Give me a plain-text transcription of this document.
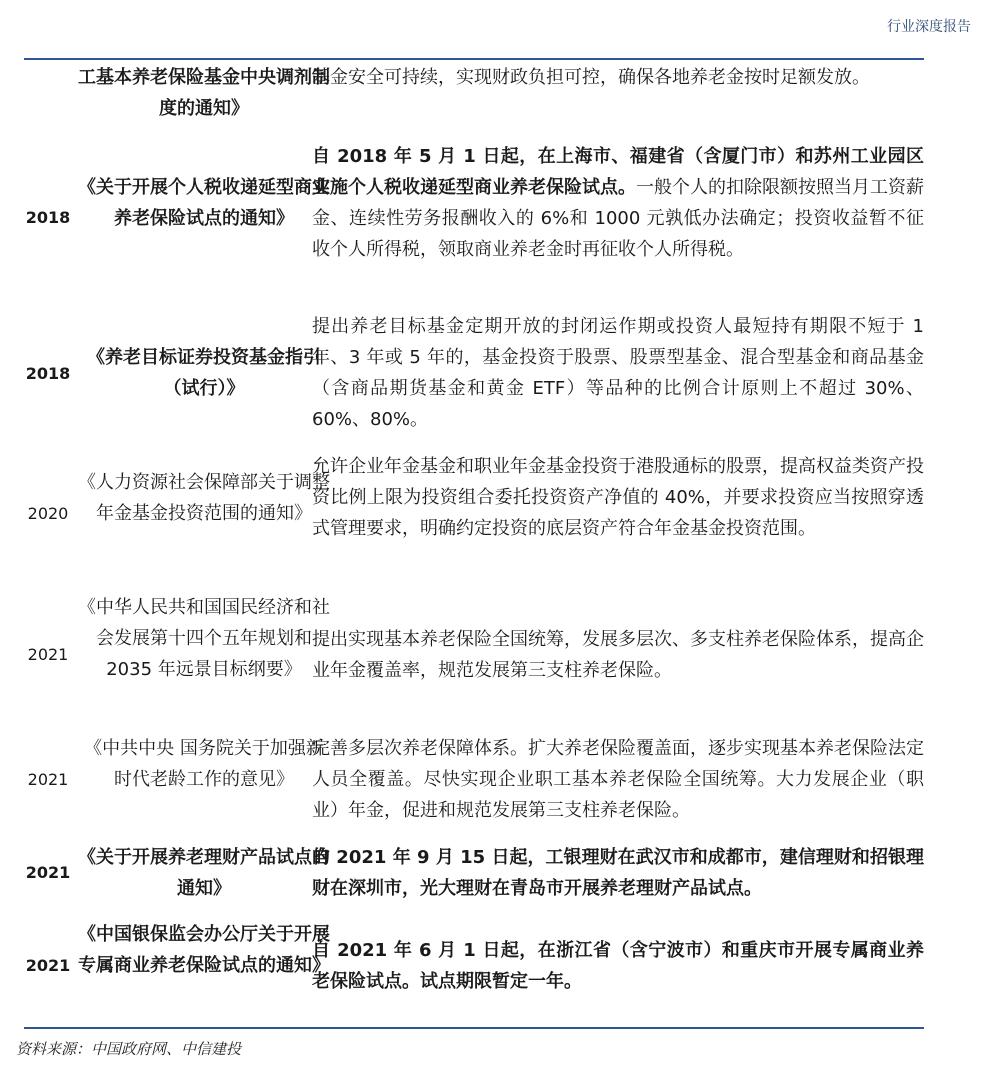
行业深度报告
工基本养老保险基金中央调剂制度的通知》
基金安全可持续，实现财政负担可控，确保各地养老金按时足额发放。
2018
《关于开展个人税收递延型商业养老保险试点的通知》
自 2018 年 5 月 1 日起，在上海市、福建省（含厦门市）和苏州工业园区实施个人税收递延型商业养老保险试点。一般个人的扣除限额按照当月工资薪金、连续性劳务报酬收入的 6%和 1000 元孰低办法确定；投资收益暂不征收个人所得税，领取商业养老金时再征收个人所得税。
2018
《养老目标证券投资基金指引（试行）》
提出养老目标基金定期开放的封闭运作期或投资人最短持有期限不短于 1 年、3 年或 5 年的，基金投资于股票、股票型基金、混合型基金和商品基金（含商品期货基金和黄金 ETF）等品种的比例合计原则上不超过 30%、60%、80%。
2020
《人力资源社会保障部关于调整年金基金投资范围的通知》
允许企业年金基金和职业年金基金投资于港股通标的股票，提高权益类资产投资比例上限为投资组合委托投资资产净值的 40%，并要求投资应当按照穿透式管理要求，明确约定投资的底层资产符合年金基金投资范围。
2021
《中华人民共和国国民经济和社会发展第十四个五年规划和 2035 年远景目标纲要》
提出实现基本养老保险全国统筹，发展多层次、多支柱养老保险体系，提高企业年金覆盖率，规范发展第三支柱养老保险。
2021
《中共中央 国务院关于加强新时代老龄工作的意见》
完善多层次养老保障体系。扩大养老保险覆盖面，逐步实现基本养老保险法定人员全覆盖。尽快实现企业职工基本养老保险全国统筹。大力发展企业（职业）年金，促进和规范发展第三支柱养老保险。
2021
《关于开展养老理财产品试点的通知》
自 2021 年 9 月 15 日起，工银理财在武汉市和成都市，建信理财和招银理财在深圳市，光大理财在青岛市开展养老理财产品试点。
2021
《中国银保监会办公厅关于开展专属商业养老保险试点的通知》
自 2021 年 6 月 1 日起，在浙江省（含宁波市）和重庆市开展专属商业养老保险试点。试点期限暂定一年。
资料来源：中国政府网、中信建投
